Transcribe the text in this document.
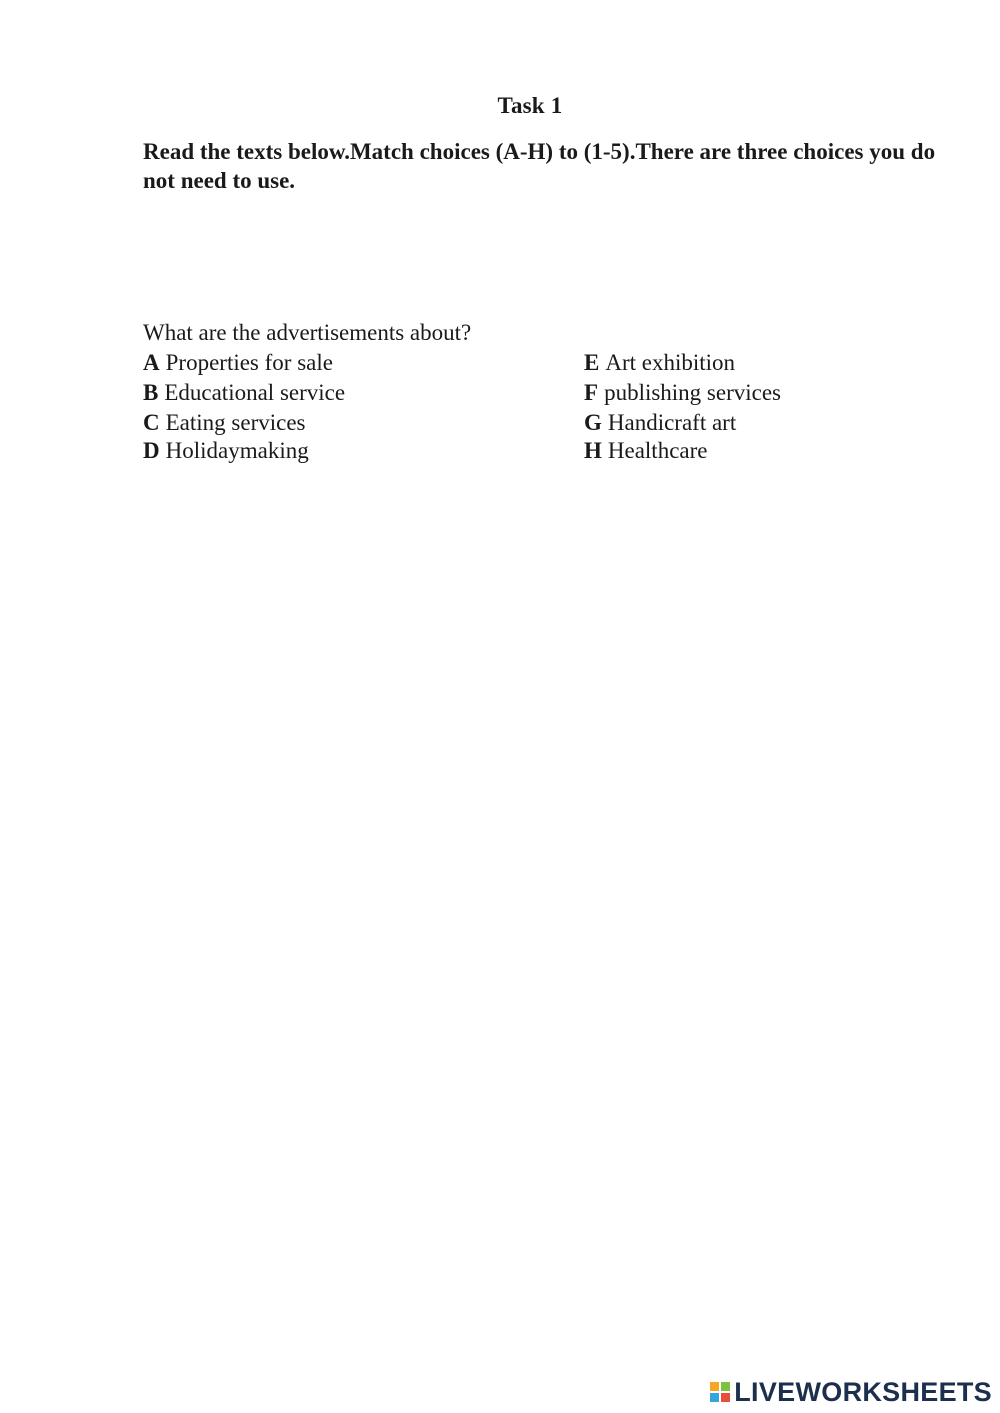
Task 1
Read the texts below.Match choices (A-H) to (1-5).There are three choices you do not need to use.
What are the advertisements about?
A Properties for sale
B Educational service
C Eating services
D Holidaymaking
E Art exhibition
F publishing services
G Handicraft art
H Healthcare
LIVEWORKSHEETS
